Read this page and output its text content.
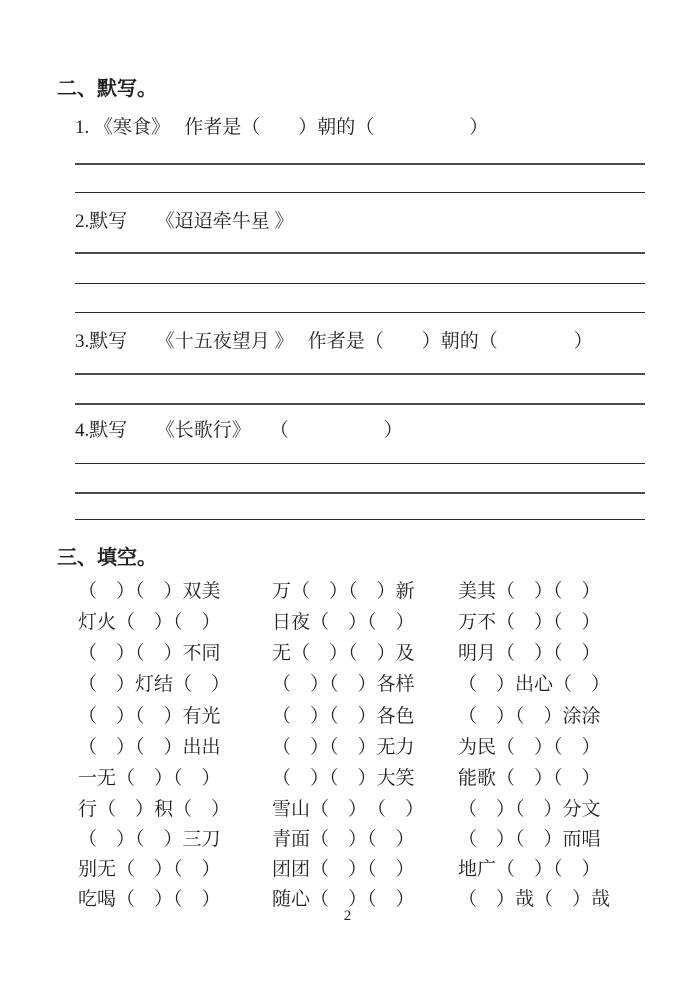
二、默写。
1. 《寒食》　 作者是（　　）朝的（　　　　　）
2.默写　　《迢迢牵牛星 》
3.默写　　《十五夜望月 》　 作者是（　　）朝的（　　　　）
4.默写　　《长歌行》　　（　　　　　）
三、填空。
（　）（　）双美	万（　）（　）新 美其（　）（　）
灯火（　）（　）	日夜（　）（　） 万不（　）（　）
（　）（　）不同	无（　）（　）及 明月（　）（　）
（　）灯结（　） （　）（　）各样 （　）出心（　）
（　）（　）有光	（　）（　）各色 （　）（　）涂涂
（　）（　）出出	（　）（　）无力 为民（　）（　）
一无（　）（　）	（　）（　）大笑 能歌（　）（　）
行（　）积（　） 雪山（　）　（　） （　）（　）分文
（　）（　）三刀	青面（　）（　） （　）（　）而唱
别无（　）（　）	团团（　）（　） 地广（　）（　）
吃喝（　）（　）	随心（　）（　） （　）哉（　）哉
2
